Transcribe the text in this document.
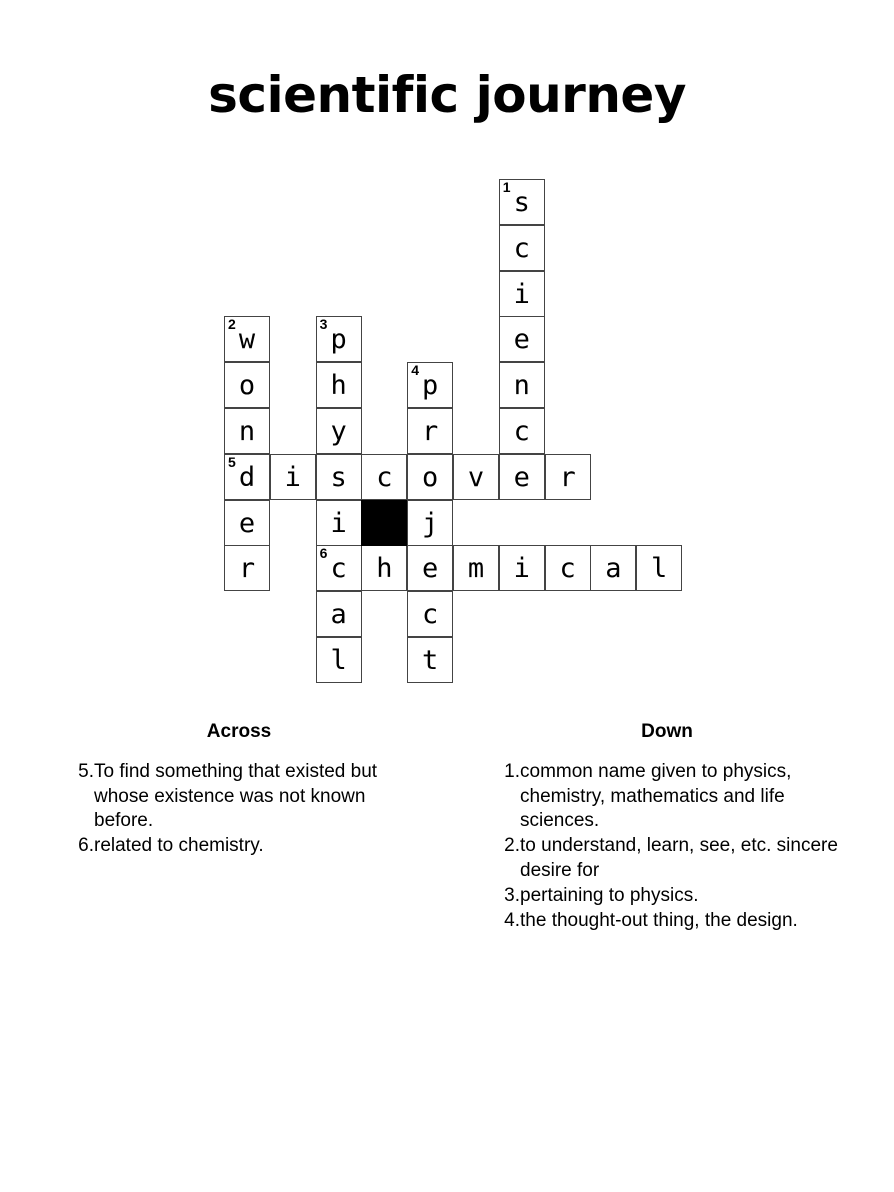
scientific journey
1 s
c
i
e
n
c
2 w
o
n
5 d
e
r
3 p
h
y
s
i
6 c
a
l
4 p
r
o
j
e
c
t
i	c	v	e	r
h	m	i	c	a	l
Across
5. To find something that existed but whose existence was not known before.
6. related to chemistry.
Down
1. common name given to physics, chemistry, mathematics and life sciences.
2. to understand, learn, see, etc. sincere desire for
3. pertaining to physics.
4. the thought-out thing, the design.
